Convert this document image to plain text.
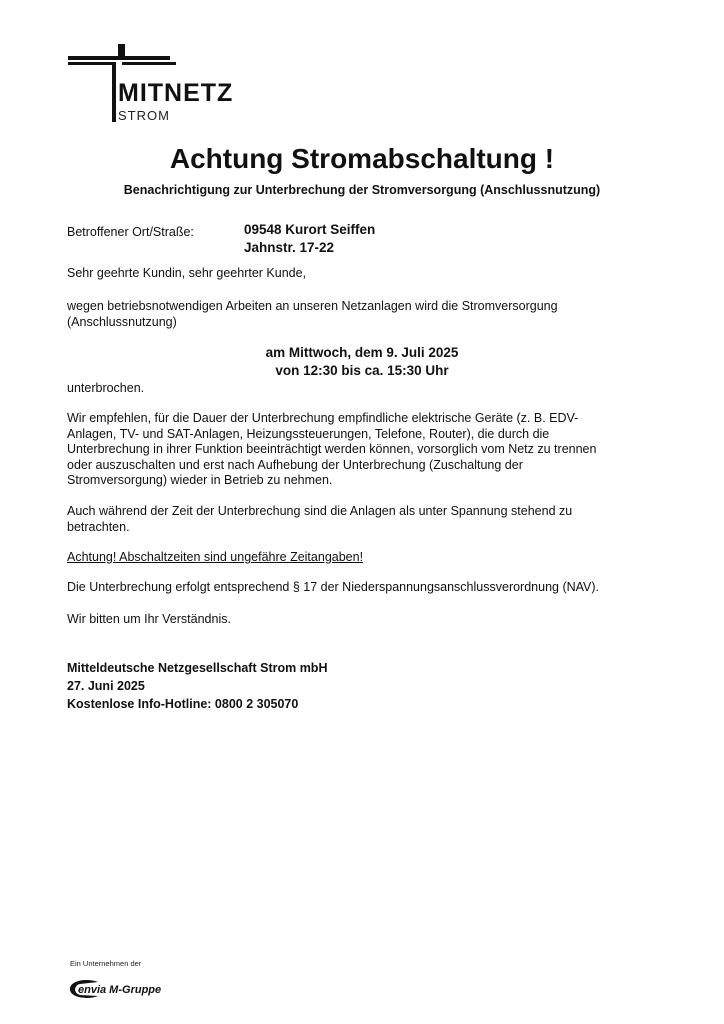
MITNETZ
STROM
Achtung Stromabschaltung !
Benachrichtigung zur Unterbrechung der Stromversorgung (Anschlussnutzung)
Betroffener Ort/Straße:	09548 Kurort Seiffen
Jahnstr. 17-22
Sehr geehrte Kundin, sehr geehrter Kunde,
wegen betriebsnotwendigen Arbeiten an unseren Netzanlagen wird die Stromversorgung
(Anschlussnutzung)
am Mittwoch, dem 9. Juli 2025
von 12:30 bis ca. 15:30 Uhr
unterbrochen.
Wir empfehlen, für die Dauer der Unterbrechung empfindliche elektrische Geräte (z. B. EDV-
Anlagen, TV- und SAT-Anlagen, Heizungssteuerungen, Telefone, Router), die durch die
Unterbrechung in ihrer Funktion beeinträchtigt werden können, vorsorglich vom Netz zu trennen
oder auszuschalten und erst nach Aufhebung der Unterbrechung (Zuschaltung der
Stromversorgung) wieder in Betrieb zu nehmen.
Auch während der Zeit der Unterbrechung sind die Anlagen als unter Spannung stehend zu
betrachten.
Achtung! Abschaltzeiten sind ungefähre Zeitangaben!
Die Unterbrechung erfolgt entsprechend § 17 der Niederspannungsanschlussverordnung (NAV).
Wir bitten um Ihr Verständnis.
Mitteldeutsche Netzgesellschaft Strom mbH
27. Juni 2025
Kostenlose Info-Hotline: 0800 2 305070
Ein Unternehmen der
envia M-Gruppe
